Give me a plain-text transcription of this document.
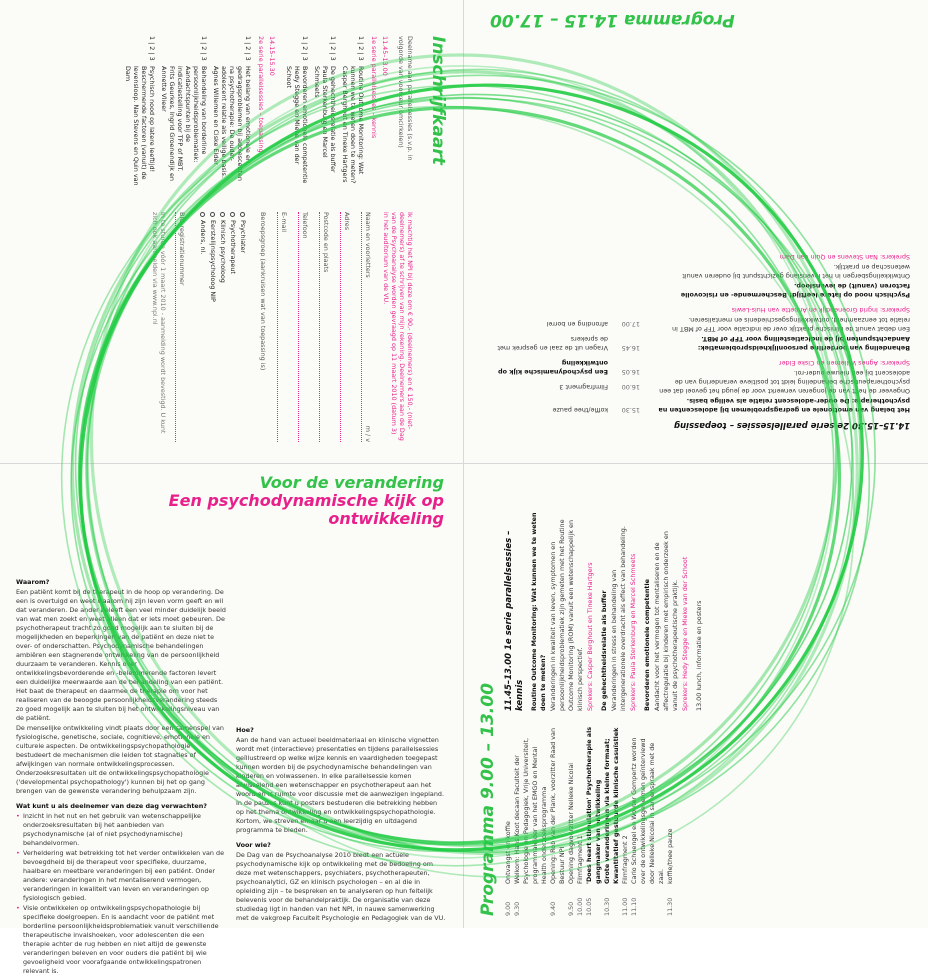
14.15–15.30 2e serie parallelsessies – toepassing

Het belang van emotionele en gedragsproblemen bij adolescenten na psychotherapie: De ouder-adolescent relatie als veilige basis.

Ongeveer de helft van de jongeren verwerkt voor de jeugd het gevoel dat een psychotherapeutische behandeling leidt tot positieve verandering van de adolescent bij een nieuwe ouder-rol.

Sprekers: Agnes Willemen en Ciske Elder

Behandeling van borderline persoonlijkheidsproblematiek: Aandachtspunten bij de indicatiestelling voor TFP of MBT.

Een debat vanuit de klinische praktijk over de indicatie voor TFP of MBT in relatie tot eenzaamheid, ontwikkelingsgeschiedenis en mentaliseren.

Sprekers: Ingrid Groenendijk en Annette van Huis-Lewis

Psychisch nood op latere leeftijd! Beschermende- en risicovolle factoren (vanuit) de levensloop.

Ontwikkelingsbergen in het levenslang gezichtspunt bij ouderen vanuit wetenschap en praktijk.

Sprekers: Nan Stevens en Quin van Dam

15.30
koffie/thee pauze
16.00
Filmfragment 3
16.05
Een psychodynamische kijk op ontwikkeling
16.45
Vragen uit de zaal en gesprek met de sprekers
17.00
afronding en borrel
Programma 14.15 – 17.00
Inschrijfkaart

Deelname aan parallelsessies (s.v.p. in volgorde van voorkeur omcirkelen)

11.45–13.00

1e serie parallelsessies – kennis

1 | 2 | 3
Routine Outcome Monitoring: Wat kunnen we te weten doen te meten? Casper Berghout en Tineke Hartgers
1 | 2 | 3
De gehechtheidsrelatie als buffer Paula Sterkenburg en Marcel Schmeets
1 | 2 | 3
Bevorderen emotionele competentie Hedy Stegge en Mieke van der Schoot

14.15–15.30

2e serie parallelsessies – toepassing

1 | 2 | 3
Het belang van emotionele en gedragsproblemen bij adolescenten na psychotherapie: De ouder-adolescent relatie als veilige basis. Agnes Willemen en Ciske Elder
1 | 2 | 3
Behandeling van borderline persoonlijkheidsproblematiek: Aandachtspunten bij de indicatiestelling voor TFP of MBT. Frits Geurkes, Ingrid Groenendijk en Annette Vlieer
1 | 2 | 3
Psychisch nood op latere leeftijd! Beschermende factoren (vanuit) de levensloop. Nan Stevens en Quin van Dam

Ik machtig het NPI bij deze om € 90,- (deelnemers) en € 150,- (niet-deelnemers) af te schrijven van mijn rekening. Deelnemers aan de Dag van de Psychoanalyse worden gevraagd op 11 maart 2010 (datum 3) in het auditorium van de VU.

Naam en voorletters
m / v
Adres
Postcode en plaats
Telefoon
E-mail
Beroepsgroep (aankruisen wat van toepassing is)
Psychiater
Psychotherapeut
Klinisch psycholoog
Eerstelijnspsycholoog NIP
Anders, nl.
BIG-registratienummer

In te sturen vóór 1 maart 2010 - aanmelding wordt bevestigd. U kunt zich ook aanmelden via www.npi.nl

Programma 9.00 – 13.00 9.00
Ontvangst en koffie
9.30
Welkom: Hans Koot decaan Faculteit der Psychologie en Pedagogiek, Vrije Universiteit, programmaleider van het EMGO en Mental Health onderzoeksprogramma
9.40
Opening: Rob van der Plank, voorzitter Raad van Bestuur NPI
9.50
Opening dagvoorzitter Nelleke Nicolai
10.00
Filmfragment 1
10.05
'Does heart stimulation' Psychotherapie als gangmaker van ontwikkeling
10.30
Grote veranderingen via kleine formaat; Kwantitatief gestuurde klinische casuïstiek
11.00
Filmfragment 2
11.10
Carlo Schuengel en Wouter Gompertz worden over de ontwikkelingsgeheimen geïnterviewd door Nelleke Nicolai in samenspraak met de zaal.
11.30
koffie/thee pauze

11.45–13.00 1e serie parallelsessies – kennis Routine Outcome Monitoring: Wat kunnen we te weten doen te meten? Veranderingen in kwaliteit van leven, symptomen en persoonlijkheidsproblematiek zijn gemeten met het Routine Outcome Monitoring (ROM) vanuit een wetenschappelijk en klinisch perspectief. Sprekers: Casper Berghout en Tineke Hartgers De gehechtheidsrelatie als buffer Veranderingen in stress en behandeling van intergenerationele overdracht als effect van behandeling. Sprekers: Paula Sterkenburg en Marcel Schmeets Bevorderen emotionele competentie Aandacht voor het vermogen tot mentaliseren en de affectregulatie bij kinderen met empirisch onderzoek en vanuit de psychotherapeutische praktijk. Sprekers: Hedy Stegge en Mieke van der Schoot 13.00 lunch, informatie en posters

Voor de verandering
Een psychodynamische kijk op ontwikkeling

Waarom?

Een patiënt komt bij de therapeut in de hoop op verandering. De een is overtuigd en weet waarom hij zijn leven vorm geeft en wil dat veranderen. De ander beleeft een veel minder duidelijk beeld van wat men zoekt en weet alleen dat er iets moet gebeuren. De psychotherapeut tracht zo goed mogelijk aan te sluiten bij de mogelijkheden en beperkingen van de patiënt en deze niet te over- of onderschatten. Psychodynamische behandelingen ambiëren een stagnerende ontwikkeling van de persoonlijkheid duurzaam te veranderen. Kennis over ontwikkelingsbevorderende en -belemmerende factoren levert een duidelijke meerwaarde aan de behandeling van een patiënt. Het baat de therapeut en daarmee de therapie om voor het realiseren van de beoogde persoonlijkheidsverandering steeds zo goed mogelijk aan te sluiten bij het ontwikkelingsniveau van de patiënt.

De menselijke ontwikkeling vindt plaats door een samenspel van fysiologische, genetische, sociale, cognitieve, emotionele en culturele aspecten. De ontwikkelingspsychopathologie bestudeert de mechanismen die leiden tot stagnaties of afwijkingen van normale ontwikkelingsprocessen. Onderzoeksresultaten uit de ontwikkelingspsychopathologie ('developmental psychopathology') kunnen bij het op gang brengen van de gewenste verandering behulpzaam zijn.

Wat kunt u als deelnemer van deze dag verwachten?

• Inzicht in het nut en het gebruik van wetenschappelijke onderzoeksresultaten bij het aanbieden van psychodynamische (al of niet psychodynamische) behandelvormen.
• Verheldering wat betrekking tot het verder ontwikkelen van de bevoegdheid bij de therapeut voor specifieke, duurzame, haalbare en meetbare veranderingen bij een patiënt. Onder andere: veranderingen in het mentaliserend vermogen, veranderingen in kwaliteit van leven en veranderingen op fysiologisch gebied.
• Visie ontwikkelen op ontwikkelingspsychopathologie bij specifieke doelgroepen. En is aandacht voor de patiënt met borderline persoonlijkheidsproblematiek vanuit verschillende therapeutische invalshoeken, voor adolescenten die een therapie achter de rug hebben en niet altijd de gewenste veranderingen beleven en voor ouders die patiënt bij wie gevoeligheid voor voorafgaande ontwikkelingspatronen relevant is.

Hoe?

Aan de hand van actueel beeldmateriaal en klinische vignetten wordt met (interactieve) presentaties en tijdens parallelsessies geïllustreerd op welke wijze kennis en vaardigheden toegepast kunnen worden bij de psychodynamische behandelingen van kinderen en volwassenen. In elke parallelsessie komen afwisselend een wetenschapper en psychotherapeut aan het woord en is ruimte voor discussie met de aanwezigen ingepland. In de pauzes kunt u posters bestuderen die betrekking hebben op het thema ontwikkeling en ontwikkelingspsychopathologie. Kortom, we streven ernaar u een leerzijdig en uitdagend programma te bieden.

Voor wie?

De Dag van de Psychoanalyse 2010 biedt een actuele psychodynamische kijk op ontwikkeling met de bedoeling om deze met wetenschappers, psychiaters, psychotherapeuten, psychoanalytici, GZ en klinisch psychologen – en al die in opleiding zijn – te bespreken en te analyseren op hun feitelijk belevenis voor de behandelpraktijk. De organisatie van deze studiedag ligt in handen van het NPI, in nauwe samenwerking met de vakgroep Faculteit Psychologie en Pedagogiek van de VU.
